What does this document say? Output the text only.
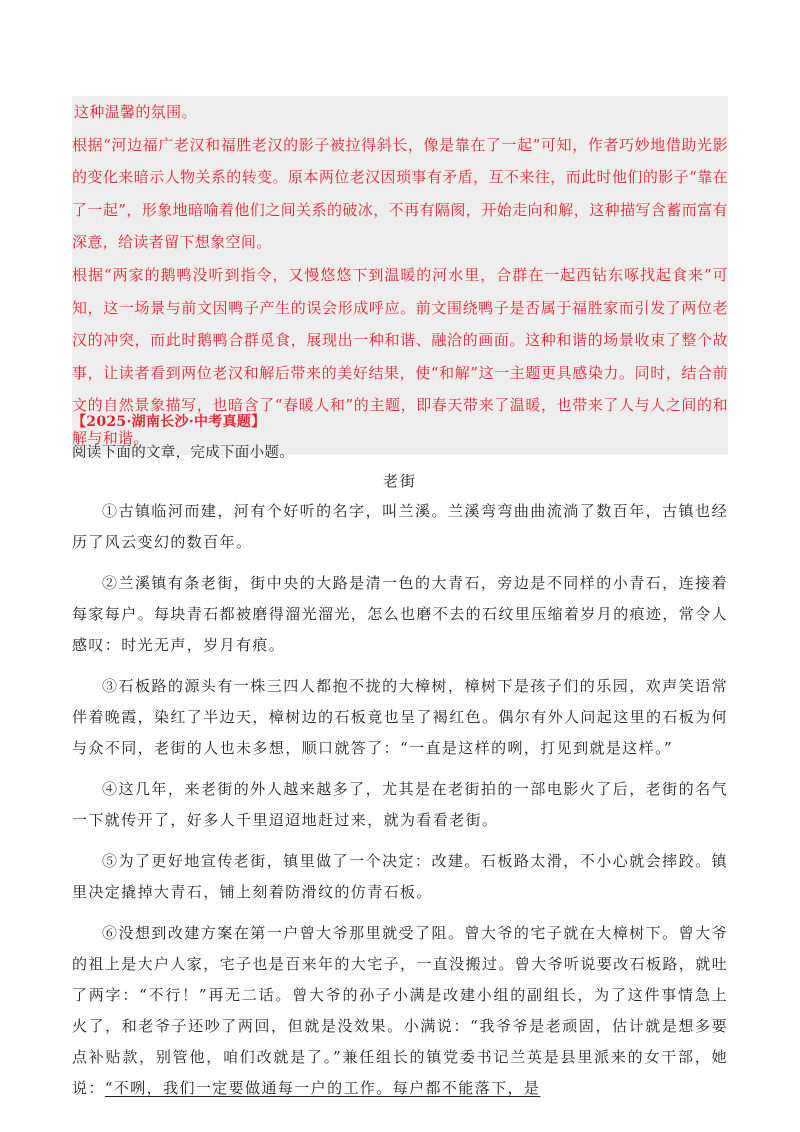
这种温馨的氛围。

根据“河边福广老汉和福胜老汉的影子被拉得斜长，像是靠在了一起”可知，作者巧妙地借助光影的变化来暗示人物关系的转变。原本两位老汉因琐事有矛盾，互不来往，而此时他们的影子“靠在了一起”，形象地暗喻着他们之间关系的破冰，不再有隔阂，开始走向和解，这种描写含蓄而富有深意，给读者留下想象空间。

根据“两家的鹅鸭没听到指令，又慢悠悠下到温暖的河水里，合群在一起西钻东啄找起食来”可知，这一场景与前文因鸭子产生的误会形成呼应。前文围绕鸭子是否属于福胜家而引发了两位老汉的冲突，而此时鹅鸭合群觅食，展现出一种和谐、融洽的画面。这种和谐的场景收束了整个故事，让读者看到两位老汉和解后带来的美好结果，使“和解”这一主题更具感染力。同时，结合前文的自然景象描写，也暗含了“春暖人和”的主题，即春天带来了温暖，也带来了人与人之间的和解与和谐。

【2025·湖南长沙·中考真题】
阅读下面的文章，完成下面小题。
老街

①古镇临河而建，河有个好听的名字，叫兰溪。兰溪弯弯曲曲流淌了数百年，古镇也经历了风云变幻的数百年。

②兰溪镇有条老街，街中央的大路是清一色的大青石，旁边是不同样的小青石，连接着每家每户。每块青石都被磨得溜光溜光，怎么也磨不去的石纹里压缩着岁月的痕迹，常令人感叹：时光无声，岁月有痕。

③石板路的源头有一株三四人都抱不拢的大樟树，樟树下是孩子们的乐园，欢声笑语常伴着晚霞，染红了半边天，樟树边的石板竟也呈了褐红色。偶尔有外人问起这里的石板为何与众不同，老街的人也未多想，顺口就答了：“一直是这样的咧，打见到就是这样。”

④这几年，来老街的外人越来越多了，尤其是在老街拍的一部电影火了后，老街的名气一下就传开了，好多人千里迢迢地赶过来，就为看看老街。

⑤为了更好地宣传老街，镇里做了一个决定：改建。石板路太滑，不小心就会摔跤。镇里决定撬掉大青石，铺上刻着防滑纹的仿青石板。

⑥没想到改建方案在第一户曾大爷那里就受了阻。曾大爷的宅子就在大樟树下。曾大爷的祖上是大户人家，宅子也是百来年的大宅子，一直没搬过。曾大爷听说要改石板路，就吐了两字：“不行！”再无二话。曾大爷的孙子小满是改建小组的副组长，为了这件事情急上火了，和老爷子还吵了两回，但就是没效果。小满说：“我爷爷是老顽固，估计就是想多要点补贴款，别管他，咱们改就是了。”兼任组长的镇党委书记兰英是县里派来的女干部，她说：“不咧，我们一定要做通每一户的工作。每户都不能落下，是
